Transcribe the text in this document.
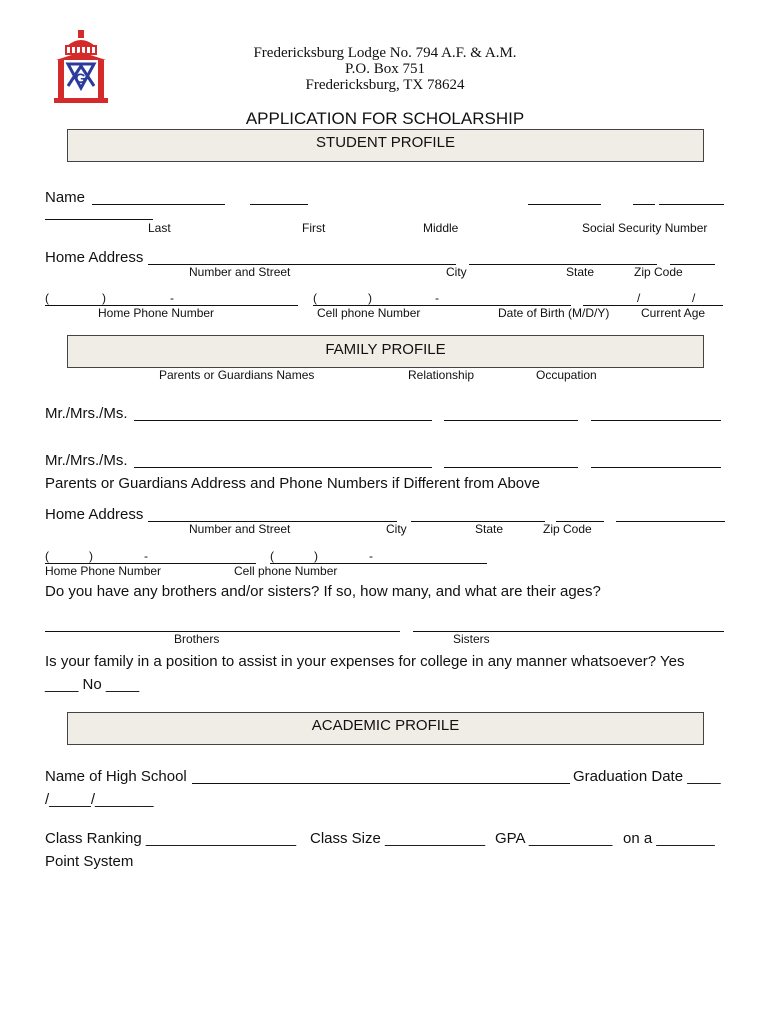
G
Fredericksburg Lodge No. 794 A.F. & A.M.
P.O. Box 751
Fredericksburg, TX 78624
APPLICATION FOR SCHOLARSHIP
STUDENT PROFILE
Name
Last	First	Middle	Social Security Number
Home Address
Number and Street	City	State	Zip Code
(	)	-	(	)	-	/	/
Home Phone Number	Cell phone Number	Date of Birth (M/D/Y)	Current Age
FAMILY PROFILE
Parents or Guardians Names	Relationship	Occupation
Mr./Mrs./Ms.
Mr./Mrs./Ms.
Parents or Guardians Address and Phone Numbers if Different from Above
Home Address
Number and Street	City	State	Zip Code
(	)	-	(	)	-
Home Phone Number	Cell phone Number
Do you have any brothers and/or sisters? If so, how many, and what are their ages?
Brothers	Sisters
Is your family in a position to assist in your expenses for college in any manner whatsoever? Yes
____ No ____
ACADEMIC PROFILE
Name of High School	Graduation Date ____
/_____/_______
Class Ranking __________________ Class Size ____________ GPA __________ on a _______
Point System
